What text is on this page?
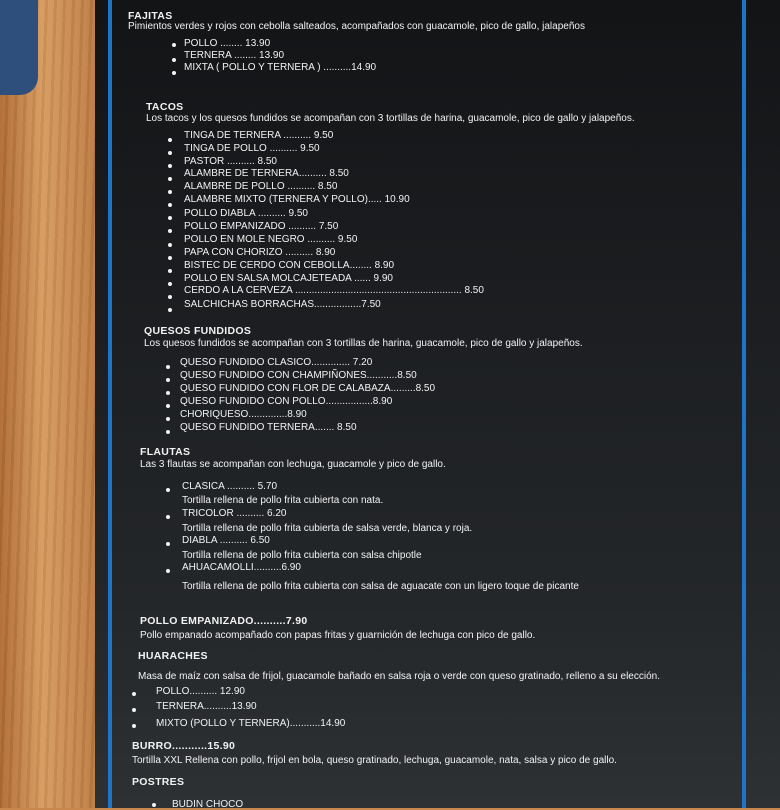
FAJITAS
Pimientos verdes y rojos con cebolla salteados, acompañados con guacamole, pico de gallo, jalapeños
POLLO ........ 13.90
TERNERA ........ 13.90
MIXTA ( POLLO Y TERNERA ) ..........14.90
TACOS
Los tacos y los quesos fundidos se acompañan con 3 tortillas de harina, guacamole, pico de gallo y jalapeños.
TINGA DE TERNERA .......... 9.50
TINGA DE POLLO .......... 9.50
PASTOR .......... 8.50
ALAMBRE DE TERNERA.......... 8.50
ALAMBRE DE POLLO .......... 8.50
ALAMBRE MIXTO (TERNERA Y POLLO)..... 10.90
POLLO DIABLA .......... 9.50
POLLO EMPANIZADO .......... 7.50
POLLO EN MOLE NEGRO .......... 9.50
PAPA CON CHORIZO .......... 8.90
BISTEC DE CERDO CON CEBOLLA........ 8.90
POLLO EN SALSA MOLCAJETEADA ...... 9.90
CERDO A LA CERVEZA ............................................................ 8.50
SALCHICHAS BORRACHAS.................7.50
QUESOS FUNDIDOS
Los quesos fundidos se acompañan con 3 tortillas de harina, guacamole, pico de gallo y jalapeños.
QUESO FUNDIDO CLASICO.............. 7.20
QUESO FUNDIDO CON CHAMPIÑONES...........8.50
QUESO FUNDIDO CON FLOR DE CALABAZA.........8.50
QUESO FUNDIDO CON POLLO.................8.90
CHORIQUESO..............8.90
QUESO FUNDIDO TERNERA....... 8.50
FLAUTAS
Las 3 flautas se acompañan con lechuga, guacamole y pico de gallo.
CLASICA .......... 5.70
Tortilla rellena de pollo frita cubierta con nata.
TRICOLOR .......... 6.20
Tortilla rellena de pollo frita cubierta de salsa verde, blanca y roja.
DIABLA .......... 6.50
Tortilla rellena de pollo frita cubierta con salsa chipotle
AHUACAMOLLI..........6.90
Tortilla rellena de pollo frita cubierta con salsa de aguacate con un ligero toque de picante
POLLO EMPANIZADO..........7.90
Pollo empanado acompañado con papas fritas y guarnición de lechuga con pico de gallo.
HUARACHES
Masa de maíz con salsa de frijol, guacamole bañado en salsa roja o verde con queso gratinado, relleno a su elección.
POLLO.......... 12.90
TERNERA..........13.90
MIXTO (POLLO Y TERNERA)...........14.90
BURRO...........15.90
Tortilla XXL Rellena con pollo, frijol en bola, queso gratinado, lechuga, guacamole, nata, salsa y pico de gallo.
POSTRES
BUDIN CHOCO
